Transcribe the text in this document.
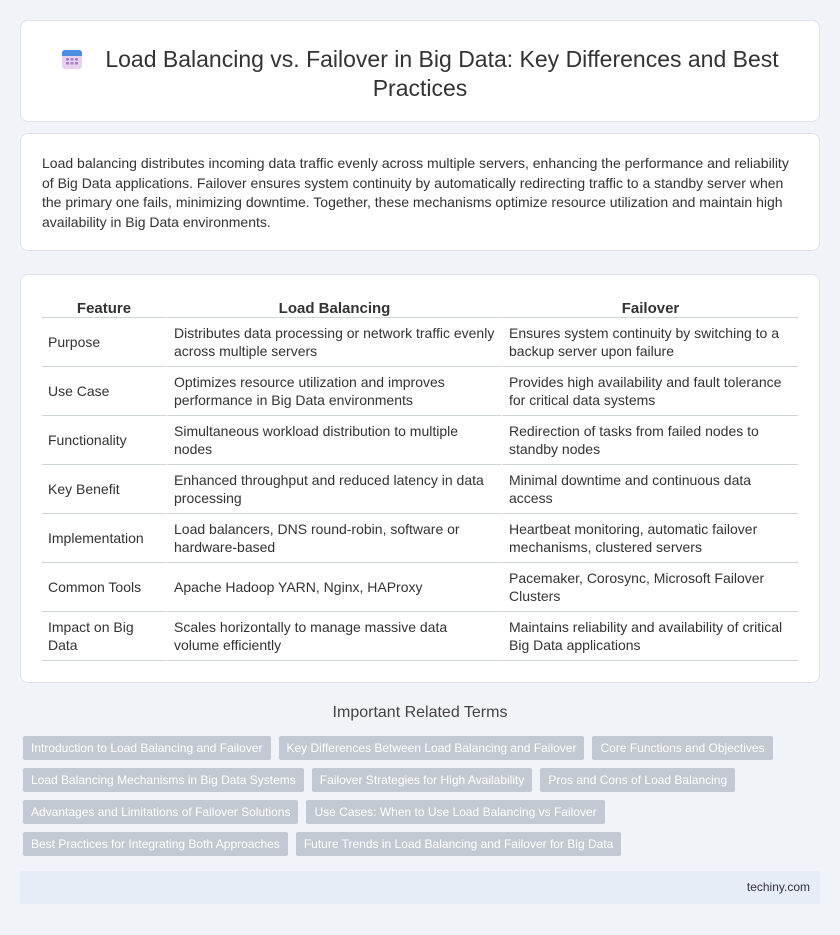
Load Balancing vs. Failover in Big Data: Key Differences and Best Practices

Load balancing distributes incoming data traffic evenly across multiple servers, enhancing the performance and reliability of Big Data applications. Failover ensures system continuity by automatically redirecting traffic to a standby server when the primary one fails, minimizing downtime. Together, these mechanisms optimize resource utilization and maintain high availability in Big Data environments.

Feature	Load Balancing	Failover
Purpose	Distributes data processing or network traffic evenly across multiple servers	Ensures system continuity by switching to a backup server upon failure
Use Case	Optimizes resource utilization and improves performance in Big Data environments	Provides high availability and fault tolerance for critical data systems
Functionality	Simultaneous workload distribution to multiple nodes	Redirection of tasks from failed nodes to standby nodes
Key Benefit	Enhanced throughput and reduced latency in data processing	Minimal downtime and continuous data access
Implementation	Load balancers, DNS round-robin, software or hardware-based	Heartbeat monitoring, automatic failover mechanisms, clustered servers
Common Tools	Apache Hadoop YARN, Nginx, HAProxy	Pacemaker, Corosync, Microsoft Failover Clusters
Impact on Big Data	Scales horizontally to manage massive data volume efficiently	Maintains reliability and availability of critical Big Data applications
Important Related Terms
Introduction to Load Balancing and Failover	Key Differences Between Load Balancing and Failover	Core Functions and Objectives
Load Balancing Mechanisms in Big Data Systems	Failover Strategies for High Availability	Pros and Cons of Load Balancing
Advantages and Limitations of Failover Solutions	Use Cases: When to Use Load Balancing vs Failover
Best Practices for Integrating Both Approaches	Future Trends in Load Balancing and Failover for Big Data
techiny.com
